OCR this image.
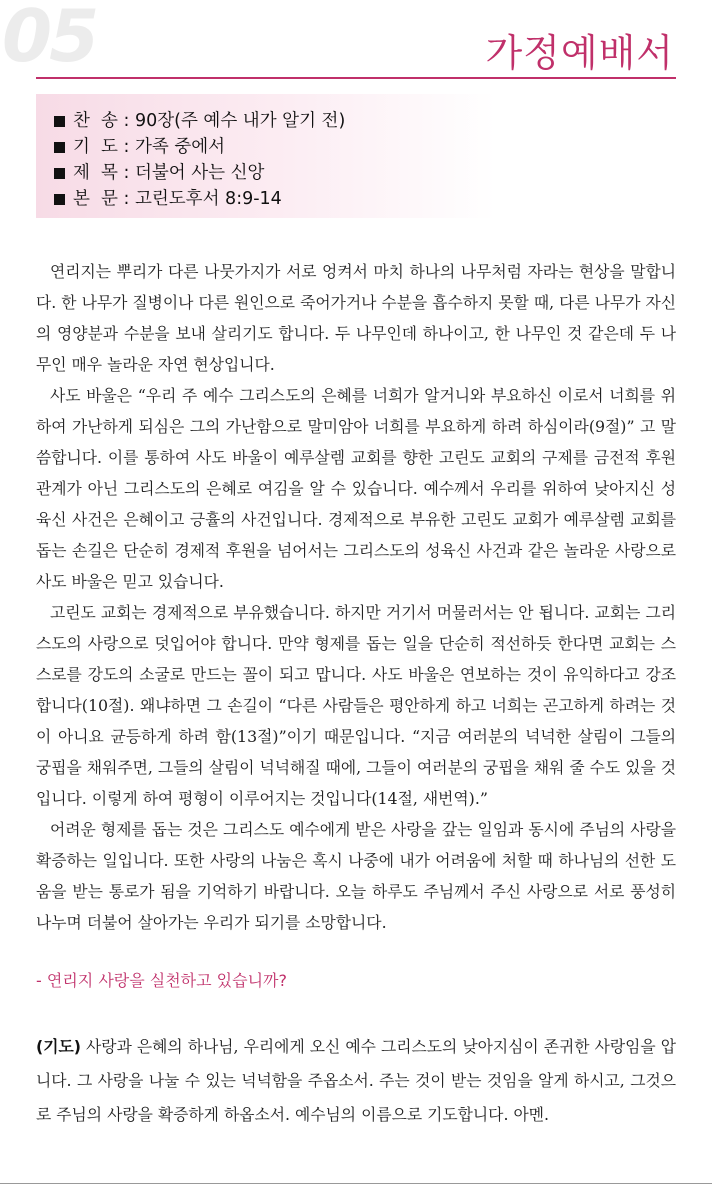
05	가정예배서
찬  송 : 90장(주 예수 내가 알기 전)
기  도 : 가족 중에서
제  목 : 더불어 사는 신앙
본  문 : 고린도후서 8:9-14

연리지는 뿌리가 다른 나뭇가지가 서로 엉켜서 마치 하나의 나무처럼 자라는 현상을 말합니다. 한 나무가 질병이나 다른 원인으로 죽어가거나 수분을 흡수하지 못할 때, 다른 나무가 자신의 영양분과 수분을 보내 살리기도 합니다. 두 나무인데 하나이고, 한 나무인 것 같은데 두 나무인 매우 놀라운 자연 현상입니다.

사도 바울은 “우리 주 예수 그리스도의 은혜를 너희가 알거니와 부요하신 이로서 너희를 위하여 가난하게 되심은 그의 가난함으로 말미암아 너희를 부요하게 하려 하심이라(9절)” 고 말씀합니다. 이를 통하여 사도 바울이 예루살렘 교회를 향한 고린도 교회의 구제를 금전적 후원 관계가 아닌 그리스도의 은혜로 여김을 알 수 있습니다. 예수께서 우리를 위하여 낮아지신 성육신 사건은 은혜이고 긍휼의 사건입니다. 경제적으로 부유한 고린도 교회가 예루살렘 교회를 돕는 손길은 단순히 경제적 후원을 넘어서는 그리스도의 성육신 사건과 같은 놀라운 사랑으로 사도 바울은 믿고 있습니다.

고린도 교회는 경제적으로 부유했습니다. 하지만 거기서 머물러서는 안 됩니다. 교회는 그리스도의 사랑으로 덧입어야 합니다. 만약 형제를 돕는 일을 단순히 적선하듯 한다면 교회는 스스로를 강도의 소굴로 만드는 꼴이 되고 맙니다. 사도 바울은 연보하는 것이 유익하다고 강조합니다(10절). 왜냐하면 그 손길이 “다른 사람들은 평안하게 하고 너희는 곤고하게 하려는 것이 아니요 균등하게 하려 함(13절)”이기 때문입니다. “지금 여러분의 넉넉한 살림이 그들의 궁핍을 채워주면, 그들의 살림이 넉넉해질 때에, 그들이 여러분의 궁핍을 채워 줄 수도 있을 것입니다. 이렇게 하여 평형이 이루어지는 것입니다(14절, 새번역).”

어려운 형제를 돕는 것은 그리스도 예수에게 받은 사랑을 갚는 일임과 동시에 주님의 사랑을 확증하는 일입니다. 또한 사랑의 나눔은 혹시 나중에 내가 어려움에 처할 때 하나님의 선한 도움을 받는 통로가 됨을 기억하기 바랍니다. 오늘 하루도 주님께서 주신 사랑으로 서로 풍성히 나누며 더불어 살아가는 우리가 되기를 소망합니다.

- 연리지 사랑을 실천하고 있습니까?
(기도) 사랑과 은혜의 하나님, 우리에게 오신 예수 그리스도의 낮아지심이 존귀한 사랑임을 압니다. 그 사랑을 나눌 수 있는 넉넉함을 주옵소서. 주는 것이 받는 것임을 알게 하시고, 그것으로 주님의 사랑을 확증하게 하옵소서. 예수님의 이름으로 기도합니다. 아멘.
